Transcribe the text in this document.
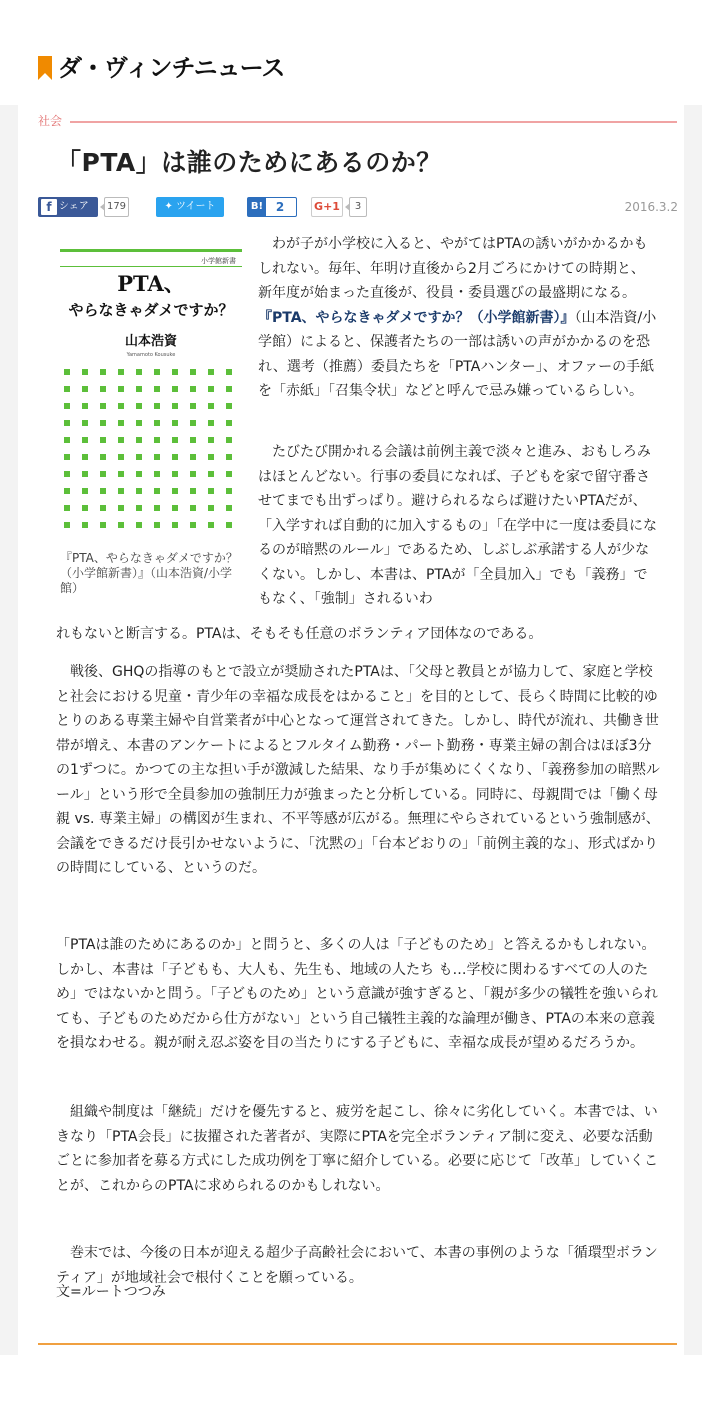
ダ・ヴィンチニュース
社会
「PTA」は誰のためにあるのか？
f シェア	179	✦ ツイート	B! 2	G+1	3	2016.3.2
小学館新書
PTA、
やらなきゃダメですか？
山本浩資
Yamamoto Kousuke
『PTA、やらなきゃダメですか？（小学館新書）』（山本浩資/小学館）

　わが子が小学校に入ると、やがてはPTAの誘いがかかるかもしれない。毎年、年明け直後から2月ごろにかけての時期と、新年度が始まった直後が、役員・委員選びの最盛期になる。『PTA、やらなきゃダメですか？（小学館新書）』（山本浩資/小学館）によると、保護者たちの一部は誘いの声がかかるのを恐れ、選考（推薦）委員たちを「PTAハンター」、オファーの手紙を「赤紙」「召集令状」などと呼んで忌み嫌っているらしい。

　たびたび開かれる会議は前例主義で淡々と進み、おもしろみはほとんどない。行事の委員になれば、子どもを家で留守番させてまでも出ずっぱり。避けられるならば避けたいPTAだが、「入学すれば自動的に加入するもの」「在学中に一度は委員になるのが暗黙のルール」であるため、しぶしぶ承諾する人が少なくない。しかし、本書は、PTAが「全員加入」でも「義務」でもなく、「強制」されるいわ

れもないと断言する。PTAは、そもそも任意のボランティア団体なのである。

　戦後、GHQの指導のもとで設立が奨励されたPTAは、「父母と教員とが協力して、家庭と学校と社会における児童・青少年の幸福な成長をはかること」を目的として、長らく時間に比較的ゆとりのある専業主婦や自営業者が中心となって運営されてきた。しかし、時代が流れ、共働き世帯が増え、本書のアンケートによるとフルタイム勤務・パート勤務・専業主婦の割合はほぼ3分の1ずつに。かつての主な担い手が激減した結果、なり手が集めにくくなり、「義務参加の暗黙ルール」という形で全員参加の強制圧力が強まったと分析している。同時に、母親間では「働く母親 vs. 専業主婦」の構図が生まれ、不平等感が広がる。無理にやらされているという強制感が、会議をできるだけ長引かせないように、「沈黙の」「台本どおりの」「前例主義的な」、形式ばかりの時間にしている、というのだ。

「PTAは誰のためにあるのか」と問うと、多くの人は「子どものため」と答えるかもしれない。しかし、本書は「子どもも、大人も、先生も、地域の人たち も…学校に関わるすべての人のため」ではないかと問う。「子どものため」という意識が強すぎると、「親が多少の犠牲を強いられても、子どものためだから仕方がない」という自己犠牲主義的な論理が働き、PTAの本来の意義を損なわせる。親が耐え忍ぶ姿を目の当たりにする子どもに、幸福な成長が望めるだろうか。

　組織や制度は「継続」だけを優先すると、疲労を起こし、徐々に劣化していく。本書では、いきなり「PTA会長」に抜擢された著者が、実際にPTAを完全ボランティア制に変え、必要な活動ごとに参加者を募る方式にした成功例を丁寧に紹介している。必要に応じて「改革」していくことが、これからのPTAに求められるのかもしれない。

　巻末では、今後の日本が迎える超少子高齢社会において、本書の事例のような「循環型ボランティア」が地域社会で根付くことを願っている。

文=ルートつつみ
